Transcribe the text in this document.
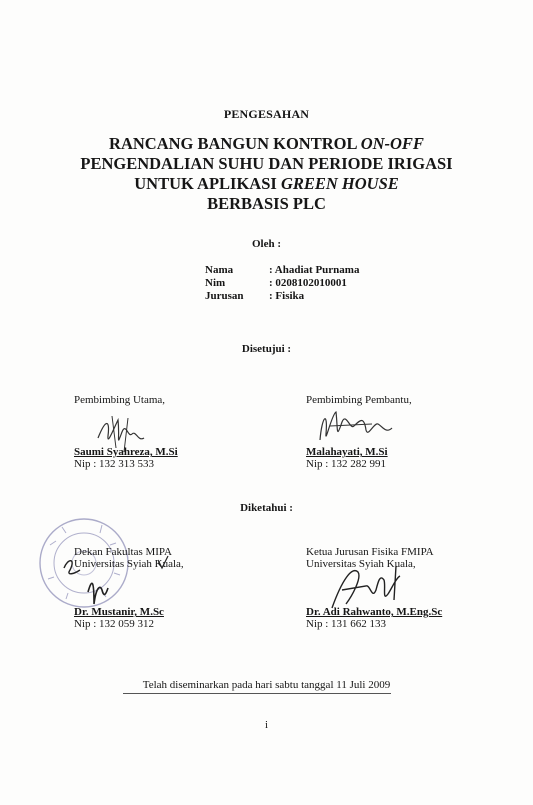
PENGESAHAN
RANCANG BANGUN KONTROL ON-OFF
PENGENDALIAN SUHU DAN PERIODE IRIGASI
UNTUK APLIKASI GREEN HOUSE
BERBASIS PLC
Oleh :
Nama	: Ahadiat Purnama
Nim	: 0208102010001
Jurusan	: Fisika
Disetujui :
Pembimbing Utama,
Saumi Syahreza, M.Si
Nip : 132 313 533
Pembimbing Pembantu,
Malahayati, M.Si
Nip : 132 282 991
Diketahui :
Dekan Fakultas MIPA
Universitas Syiah Kuala,
Dr. Mustanir, M.Sc
Nip : 132 059 312
Ketua Jurusan Fisika FMIPA
Universitas Syiah Kuala,
Dr. Adi Rahwanto, M.Eng.Sc
Nip : 131 662 133
Telah diseminarkan pada hari sabtu tanggal 11 Juli 2009
i
